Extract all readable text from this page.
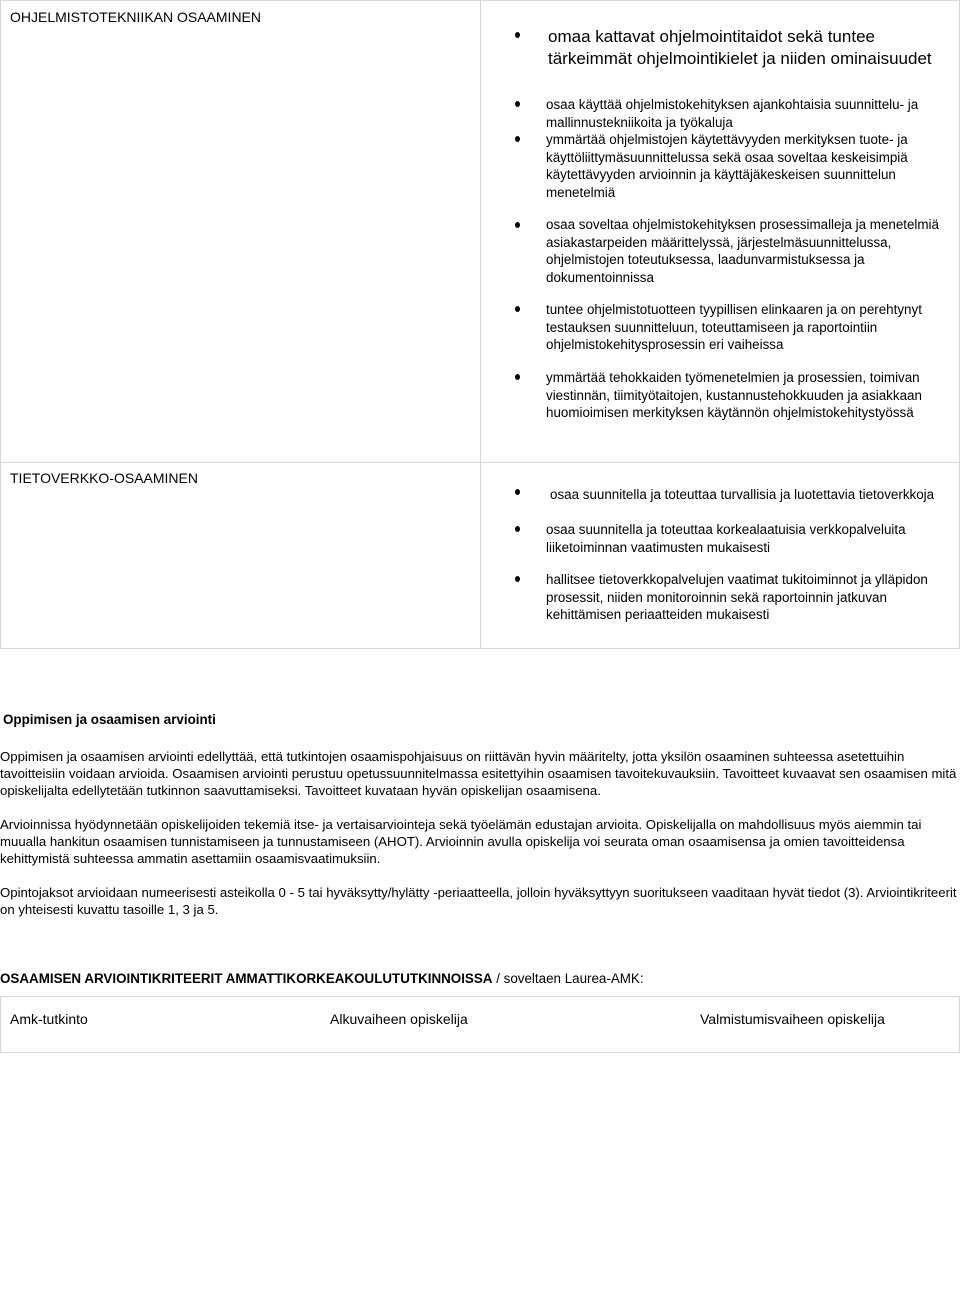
OHJELMISTOTEKNIIKAN OSAAMINEN
omaa kattavat ohjelmointitaidot sekä tuntee tärkeimmät ohjelmointikielet ja niiden ominaisuudet
osaa käyttää ohjelmistokehityksen ajankohtaisia suunnittelu- ja mallinnustekniikoita ja työkaluja
ymmärtää ohjelmistojen käytettävyyden merkityksen tuote- ja käyttöliittymäsuunnittelussa sekä osaa soveltaa keskeisimpiä käytettävyyden arvioinnin ja käyttäjäkeskeisen suunnittelun menetelmiä
osaa soveltaa ohjelmistokehityksen prosessimalleja ja menetelmiä asiakastarpeiden määrittelyssä, järjestelmäsuunnittelussa, ohjelmistojen toteutuksessa, laadunvarmistuksessa ja dokumentoinnissa
tuntee ohjelmistotuotteen tyypillisen elinkaaren ja on perehtynyt testauksen suunnitteluun, toteuttamiseen ja raportointiin ohjelmistokehitysprosessin eri vaiheissa
ymmärtää tehokkaiden työmenetelmien ja prosessien, toimivan viestinnän, tiimityötaitojen, kustannustehokkuuden ja asiakkaan huomioimisen merkityksen käytännön ohjelmistokehitystyössä
TIETOVERKKO-OSAAMINEN
osaa suunnitella ja toteuttaa turvallisia ja luotettavia tietoverkkoja
osaa suunnitella ja toteuttaa korkealaatuisia verkkopalveluita liiketoiminnan vaatimusten mukaisesti
hallitsee tietoverkkopalvelujen vaatimat tukitoiminnot ja ylläpidon prosessit, niiden monitoroinnin sekä raportoinnin jatkuvan kehittämisen periaatteiden mukaisesti
Oppimisen ja osaamisen arviointi
Oppimisen ja osaamisen arviointi edellyttää, että tutkintojen osaamispohjaisuus on riittävän hyvin määritelty, jotta yksilön osaaminen suhteessa asetettuihin tavoitteisiin voidaan arvioida. Osaamisen arviointi perustuu opetussuunnitelmassa esitettyihin osaamisen tavoitekuvauksiin. Tavoitteet kuvaavat sen osaamisen mitä opiskelijalta edellytetään tutkinnon saavuttamiseksi. Tavoitteet kuvataan hyvän opiskelijan osaamisena.
Arvioinnissa hyödynnetään opiskelijoiden tekemiä itse- ja vertaisarviointeja sekä työelämän edustajan arvioita. Opiskelijalla on mahdollisuus myös aiemmin tai muualla hankitun osaamisen tunnistamiseen ja tunnustamiseen (AHOT). Arvioinnin avulla opiskelija voi seurata oman osaamisensa ja omien tavoitteidensa kehittymistä suhteessa ammatin asettamiin osaamisvaatimuksiin.
Opintojaksot arvioidaan numeerisesti asteikolla 0 - 5 tai hyväksytty/hylätty -periaatteella, jolloin hyväksyttyyn suoritukseen vaaditaan hyvät tiedot (3). Arviointikriteerit on yhteisesti kuvattu tasoille 1, 3 ja 5.
OSAAMISEN ARVIOINTIKRITEERIT AMMATTIKORKEAKOULUTUTKINNOISSA / soveltaen Laurea-AMK:
Amk-tutkinto	Alkuvaiheen opiskelija	Valmistumisvaiheen opiskelija
